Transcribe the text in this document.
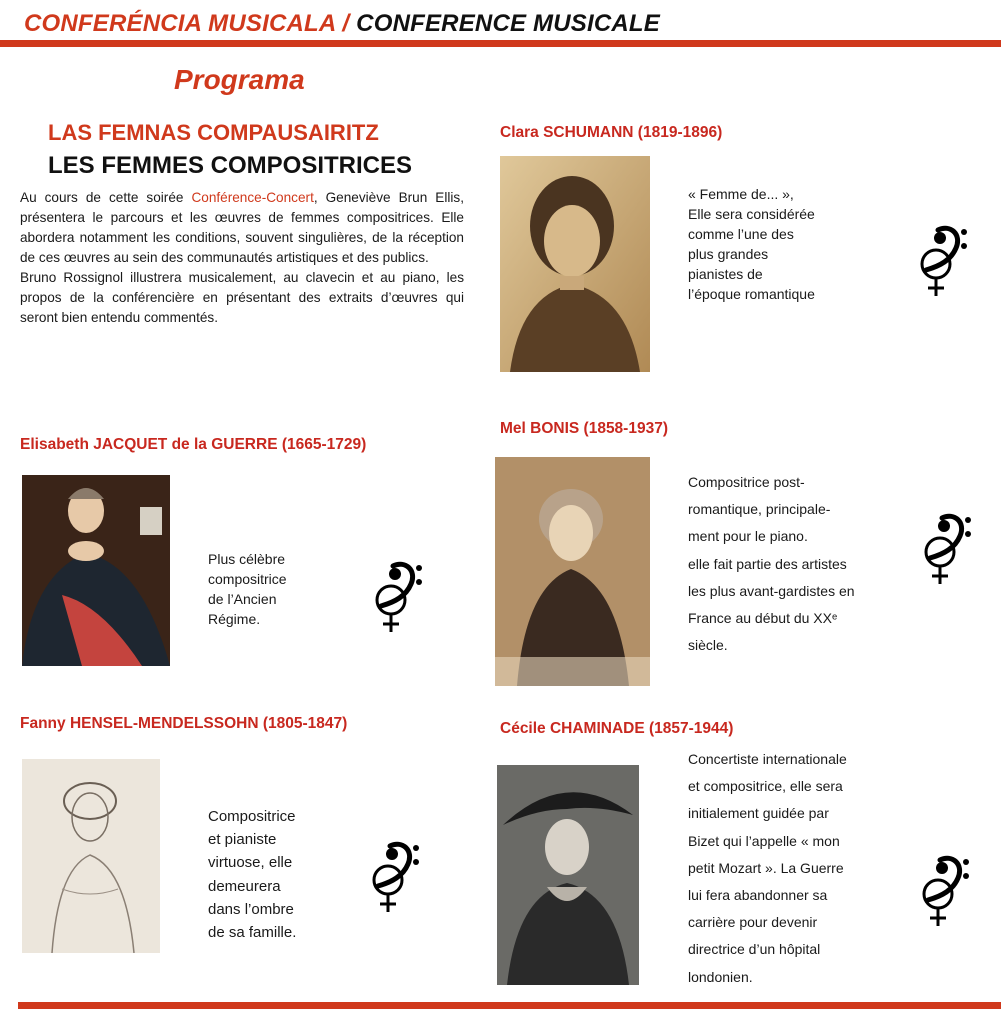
CONFERÉNCIA MUSICALA / CONFERENCE MUSICALE
Programa
LAS FEMNAS COMPAUSAIRITZ
LES FEMMES COMPOSITRICES

Au cours de cette soirée Conférence-Concert, Geneviève Brun Ellis, présentera le parcours et les œuvres de femmes compositrices. Elle abordera notamment les conditions, souvent singulières, de la réception de ces œuvres au sein des communautés artistiques et des publics.

Bruno Rossignol illustrera musicalement, au clavecin et au piano, les propos de la conférencière en présentant des extraits d’œuvres qui seront bien entendu commentés.

Clara SCHUMANN (1819-1896)
« Femme de... »,
Elle sera considérée
comme l’une des
plus grandes
pianistes de
l’époque romantique
Elisabeth JACQUET de la GUERRE (1665-1729)
Plus célèbre
compositrice
de l’Ancien
Régime.
Mel BONIS (1858-1937)
Compositrice post-
romantique, principale-
ment pour le piano.
elle fait partie des artistes
les plus avant-gardistes en
France au début du XXᵉ
siècle.
Fanny HENSEL-MENDELSSOHN (1805-1847)
Compositrice
et pianiste
virtuose, elle
demeurera
dans l’ombre
de sa famille.
Cécile CHAMINADE (1857-1944)
Concertiste internationale
et compositrice, elle sera
initialement guidée par
Bizet qui l’appelle « mon
petit Mozart ». La Guerre
lui fera abandonner sa
carrière pour devenir
directrice d’un hôpital
londonien.
